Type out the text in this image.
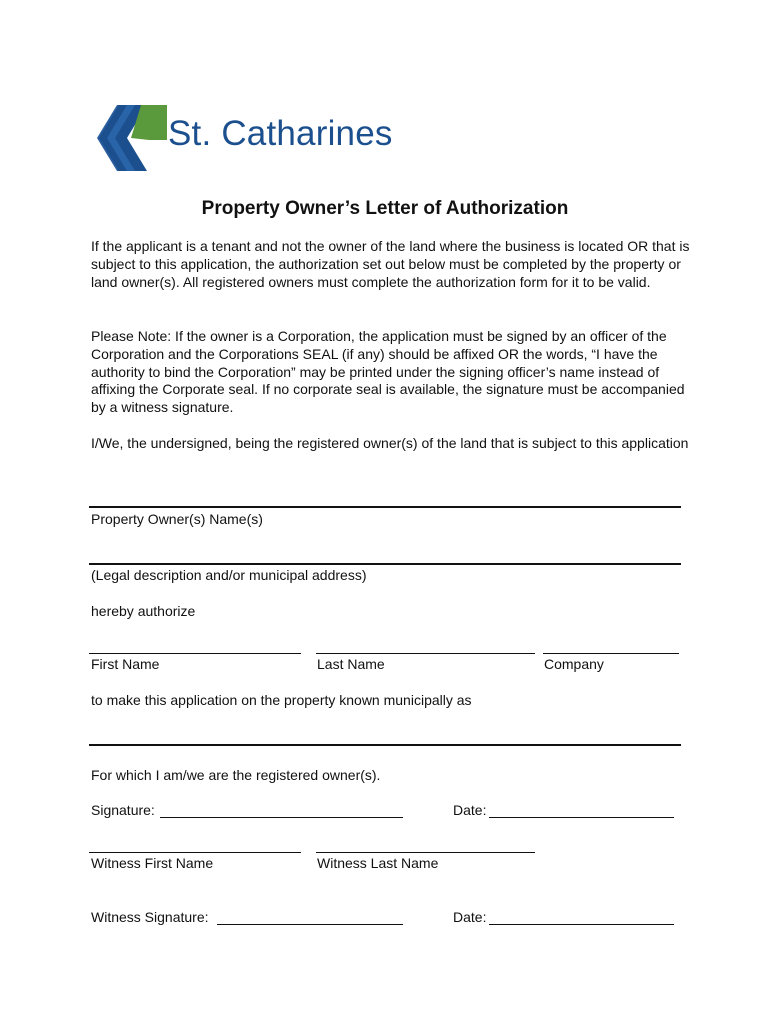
St. Catharines
Property Owner’s Letter of Authorization
If the applicant is a tenant and not the owner of the land where the business is located OR that is subject to this application, the authorization set out below must be completed by the property or land owner(s). All registered owners must complete the authorization form for it to be valid.
Please Note: If the owner is a Corporation, the application must be signed by an officer of the Corporation and the Corporations SEAL (if any) should be affixed OR the words, “I have the authority to bind the Corporation” may be printed under the signing officer’s name instead of affixing the Corporate seal. If no corporate seal is available, the signature must be accompanied by a witness signature.
I/We, the undersigned, being the registered owner(s) of the land that is subject to this application
Property Owner(s) Name(s)
(Legal description and/or municipal address)
hereby authorize
First Name	Last Name	Company
to make this application on the property known municipally as
For which I am/we are the registered owner(s).
Signature:	Date:
Witness First Name	Witness Last Name
Witness Signature:	Date:
